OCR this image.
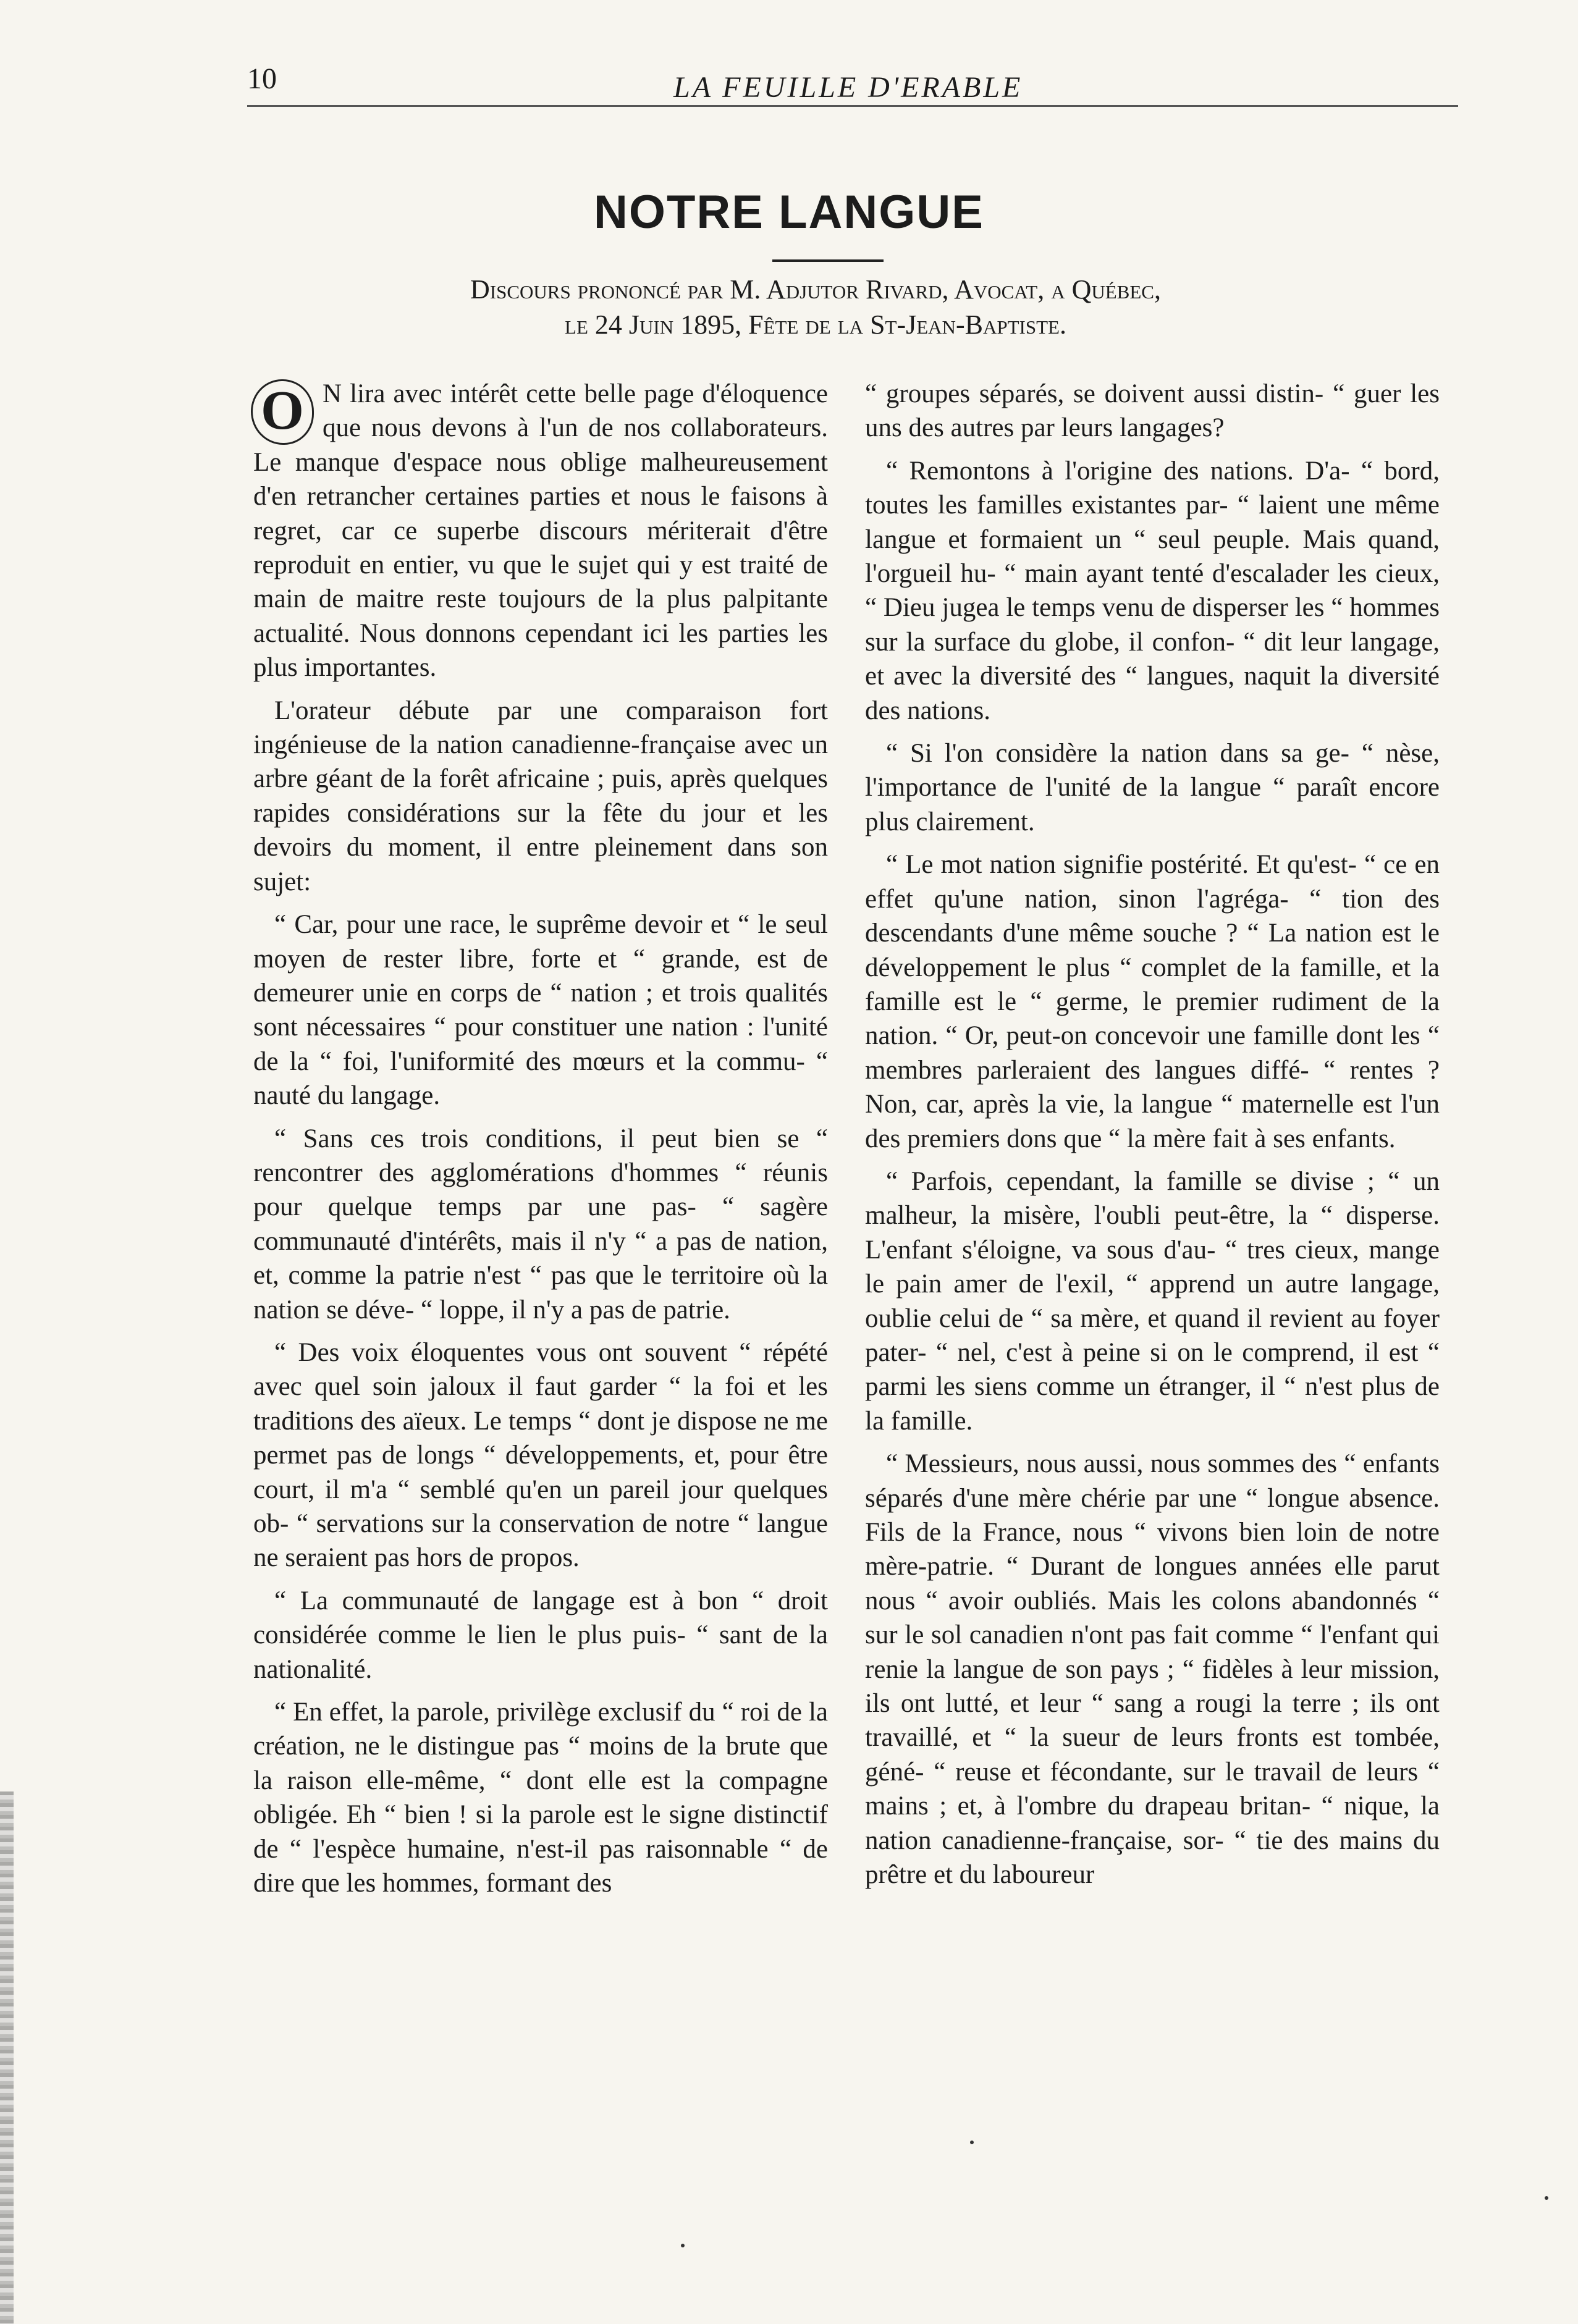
10	LA FEUILLE D'ERABLE
NOTRE LANGUE
Discours prononcé par M. Adjutor Rivard, Avocat, a Québec,
le 24 Juin 1895, Fête de la St-Jean-Baptiste.

O N lira avec intérêt cette belle page d'éloquence que nous devons à l'un de nos collaborateurs. Le manque d'espace nous oblige malheureusement d'en retrancher certaines parties et nous le faisons à regret, car ce superbe discours mériterait d'être reproduit en entier, vu que le sujet qui y est traité de main de maitre reste toujours de la plus palpitante actualité. Nous donnons cependant ici les parties les plus importantes.

L'orateur débute par une comparaison fort ingénieuse de la nation canadienne-française avec un arbre géant de la forêt africaine ; puis, après quelques rapides considérations sur la fête du jour et les devoirs du moment, il entre pleinement dans son sujet:

“ Car, pour une race, le suprême devoir et “ le seul moyen de rester libre, forte et “ grande, est de demeurer unie en corps de “ nation ; et trois qualités sont nécessaires “ pour constituer une nation : l'unité de la “ foi, l'uniformité des mœurs et la commu- “ nauté du langage.

“ Sans ces trois conditions, il peut bien se “ rencontrer des agglomérations d'hommes “ réunis pour quelque temps par une pas- “ sagère communauté d'intérêts, mais il n'y “ a pas de nation, et, comme la patrie n'est “ pas que le territoire où la nation se déve- “ loppe, il n'y a pas de patrie.

“ Des voix éloquentes vous ont souvent “ répété avec quel soin jaloux il faut garder “ la foi et les traditions des aïeux. Le temps “ dont je dispose ne me permet pas de longs “ développements, et, pour être court, il m'a “ semblé qu'en un pareil jour quelques ob- “ servations sur la conservation de notre “ langue ne seraient pas hors de propos.

“ La communauté de langage est à bon “ droit considérée comme le lien le plus puis- “ sant de la nationalité.

“ En effet, la parole, privilège exclusif du “ roi de la création, ne le distingue pas “ moins de la brute que la raison elle-même, “ dont elle est la compagne obligée. Eh “ bien ! si la parole est le signe distinctif de “ l'espèce humaine, n'est-il pas raisonnable “ de dire que les hommes, formant des

“ groupes séparés, se doivent aussi distin- “ guer les uns des autres par leurs langages?

“ Remontons à l'origine des nations. D'a- “ bord, toutes les familles existantes par- “ laient une même langue et formaient un “ seul peuple. Mais quand, l'orgueil hu- “ main ayant tenté d'escalader les cieux, “ Dieu jugea le temps venu de disperser les “ hommes sur la surface du globe, il confon- “ dit leur langage, et avec la diversité des “ langues, naquit la diversité des nations.

“ Si l'on considère la nation dans sa ge- “ nèse, l'importance de l'unité de la langue “ paraît encore plus clairement.

“ Le mot nation signifie postérité. Et qu'est- “ ce en effet qu'une nation, sinon l'agréga- “ tion des descendants d'une même souche ? “ La nation est le développement le plus “ complet de la famille, et la famille est le “ germe, le premier rudiment de la nation. “ Or, peut-on concevoir une famille dont les “ membres parleraient des langues diffé- “ rentes ? Non, car, après la vie, la langue “ maternelle est l'un des premiers dons que “ la mère fait à ses enfants.

“ Parfois, cependant, la famille se divise ; “ un malheur, la misère, l'oubli peut-être, la “ disperse. L'enfant s'éloigne, va sous d'au- “ tres cieux, mange le pain amer de l'exil, “ apprend un autre langage, oublie celui de “ sa mère, et quand il revient au foyer pater- “ nel, c'est à peine si on le comprend, il est “ parmi les siens comme un étranger, il “ n'est plus de la famille.

“ Messieurs, nous aussi, nous sommes des “ enfants séparés d'une mère chérie par une “ longue absence. Fils de la France, nous “ vivons bien loin de notre mère-patrie. “ Durant de longues années elle parut nous “ avoir oubliés. Mais les colons abandonnés “ sur le sol canadien n'ont pas fait comme “ l'enfant qui renie la langue de son pays ; “ fidèles à leur mission, ils ont lutté, et leur “ sang a rougi la terre ; ils ont travaillé, et “ la sueur de leurs fronts est tombée, géné- “ reuse et fécondante, sur le travail de leurs “ mains ; et, à l'ombre du drapeau britan- “ nique, la nation canadienne-française, sor- “ tie des mains du prêtre et du laboureur
